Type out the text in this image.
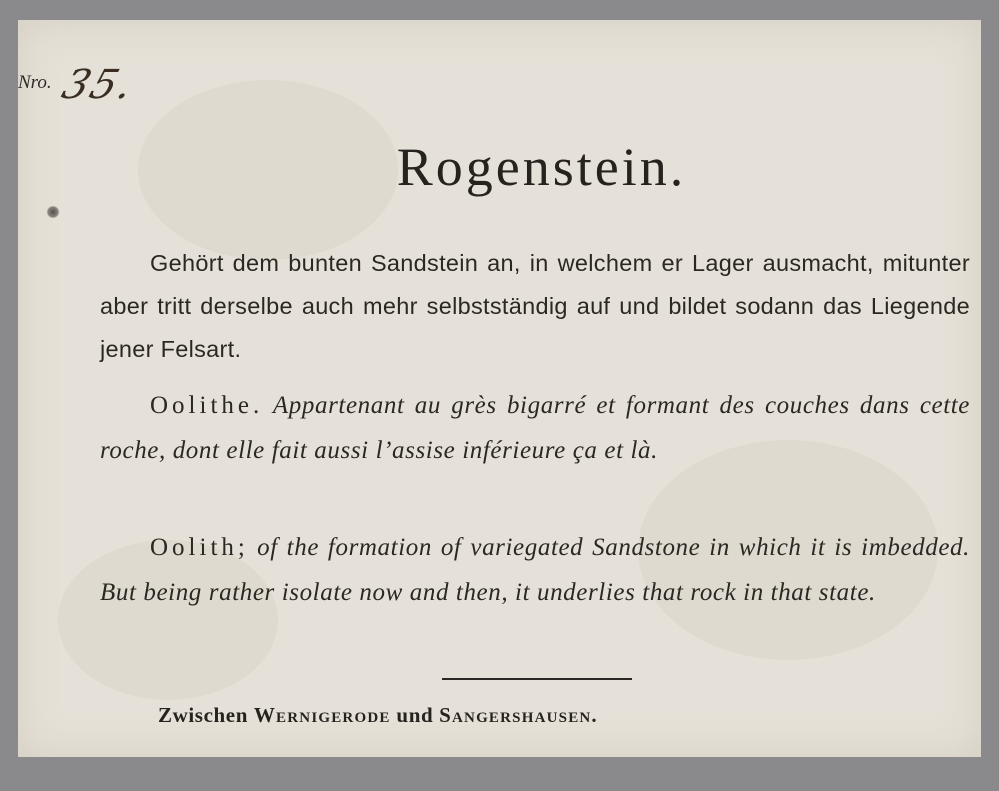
Nro. 35.
Rogenstein.
Gehört dem bunten Sandstein an, in welchem er Lager ausmacht, mitunter aber tritt derselbe auch mehr selbstständig auf und bildet sodann das Liegende jener Felsart.
Oolithe. Appartenant au grès bigarré et formant des couches dans cette roche, dont elle fait aussi l’assise inférieure ça et là.
Oolith; of the formation of variegated Sandstone in which it is imbedded. But being rather isolate now and then, it underlies that rock in that state.
Zwischen Wernigerode und Sangershausen.
